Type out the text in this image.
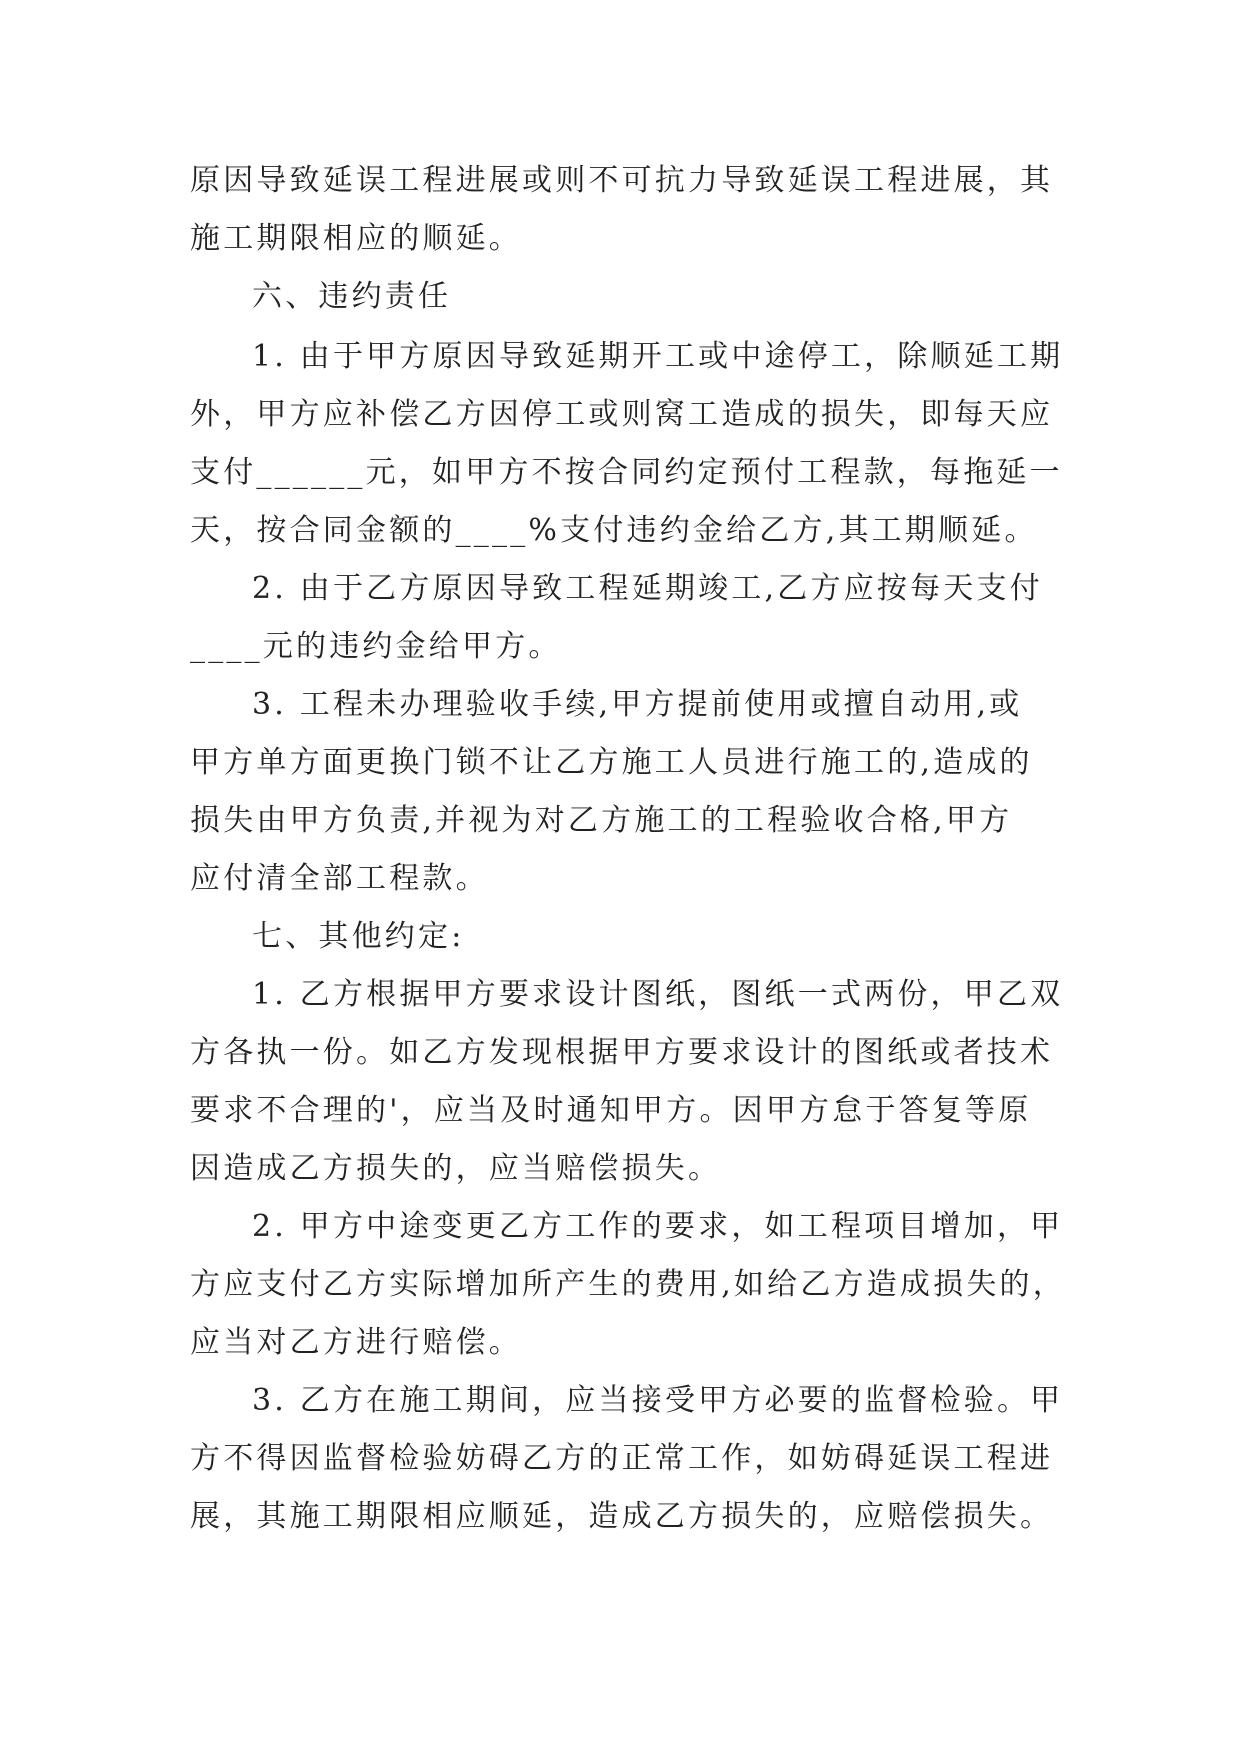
原因导致延误工程进展或则不可抗力导致延误工程进展，其
施工期限相应的顺延。
六、违约责任
1. 由于甲方原因导致延期开工或中途停工，除顺延工期
外，甲方应补偿乙方因停工或则窝工造成的损失，即每天应
支付______元，如甲方不按合同约定预付工程款，每拖延一
天，按合同金额的____%支付违约金给乙方,其工期顺延。
2. 由于乙方原因导致工程延期竣工,乙方应按每天支付
____元的违约金给甲方。
3. 工程未办理验收手续,甲方提前使用或擅自动用,或
甲方单方面更换门锁不让乙方施工人员进行施工的,造成的
损失由甲方负责,并视为对乙方施工的工程验收合格,甲方
应付清全部工程款。
七、其他约定:
1. 乙方根据甲方要求设计图纸，图纸一式两份，甲乙双
方各执一份。如乙方发现根据甲方要求设计的图纸或者技术
要求不合理的'，应当及时通知甲方。因甲方怠于答复等原
因造成乙方损失的，应当赔偿损失。
2. 甲方中途变更乙方工作的要求，如工程项目增加，甲
方应支付乙方实际增加所产生的费用,如给乙方造成损失的，
应当对乙方进行赔偿。
3. 乙方在施工期间，应当接受甲方必要的监督检验。甲
方不得因监督检验妨碍乙方的正常工作，如妨碍延误工程进
展，其施工期限相应顺延，造成乙方损失的，应赔偿损失。
